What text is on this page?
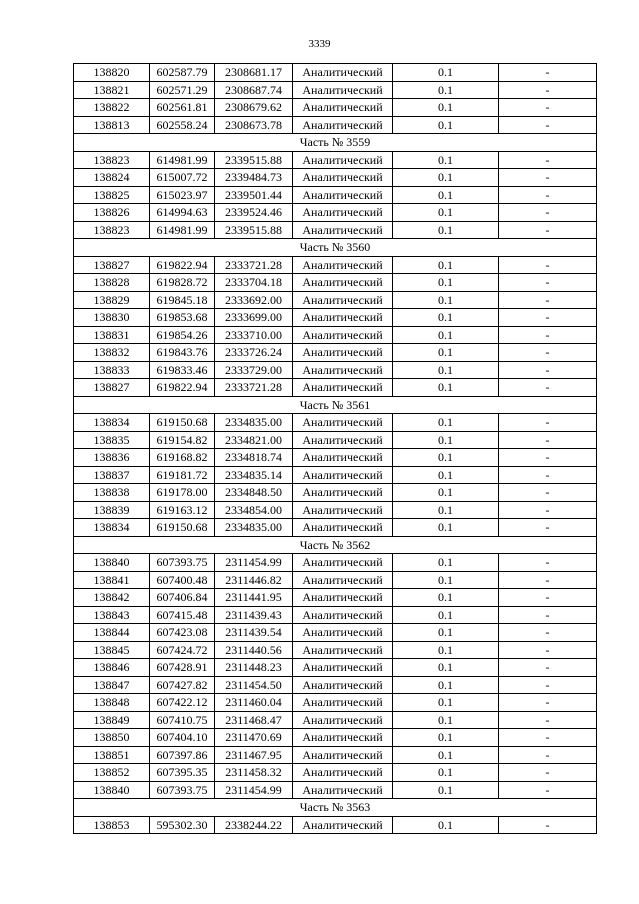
3339
138820	602587.79	2308681.17	Аналитический	0.1	-
138821	602571.29	2308687.74	Аналитический	0.1	-
138822	602561.81	2308679.62	Аналитический	0.1	-
138813	602558.24	2308673.78	Аналитический	0.1	-
Часть № 3559					
138823	614981.99	2339515.88	Аналитический	0.1	-
138824	615007.72	2339484.73	Аналитический	0.1	-
138825	615023.97	2339501.44	Аналитический	0.1	-
138826	614994.63	2339524.46	Аналитический	0.1	-
138823	614981.99	2339515.88	Аналитический	0.1	-
Часть № 3560					
138827	619822.94	2333721.28	Аналитический	0.1	-
138828	619828.72	2333704.18	Аналитический	0.1	-
138829	619845.18	2333692.00	Аналитический	0.1	-
138830	619853.68	2333699.00	Аналитический	0.1	-
138831	619854.26	2333710.00	Аналитический	0.1	-
138832	619843.76	2333726.24	Аналитический	0.1	-
138833	619833.46	2333729.00	Аналитический	0.1	-
138827	619822.94	2333721.28	Аналитический	0.1	-
Часть № 3561					
138834	619150.68	2334835.00	Аналитический	0.1	-
138835	619154.82	2334821.00	Аналитический	0.1	-
138836	619168.82	2334818.74	Аналитический	0.1	-
138837	619181.72	2334835.14	Аналитический	0.1	-
138838	619178.00	2334848.50	Аналитический	0.1	-
138839	619163.12	2334854.00	Аналитический	0.1	-
138834	619150.68	2334835.00	Аналитический	0.1	-
Часть № 3562					
138840	607393.75	2311454.99	Аналитический	0.1	-
138841	607400.48	2311446.82	Аналитический	0.1	-
138842	607406.84	2311441.95	Аналитический	0.1	-
138843	607415.48	2311439.43	Аналитический	0.1	-
138844	607423.08	2311439.54	Аналитический	0.1	-
138845	607424.72	2311440.56	Аналитический	0.1	-
138846	607428.91	2311448.23	Аналитический	0.1	-
138847	607427.82	2311454.50	Аналитический	0.1	-
138848	607422.12	2311460.04	Аналитический	0.1	-
138849	607410.75	2311468.47	Аналитический	0.1	-
138850	607404.10	2311470.69	Аналитический	0.1	-
138851	607397.86	2311467.95	Аналитический	0.1	-
138852	607395.35	2311458.32	Аналитический	0.1	-
138840	607393.75	2311454.99	Аналитический	0.1	-
Часть № 3563					
138853	595302.30	2338244.22	Аналитический	0.1	-
